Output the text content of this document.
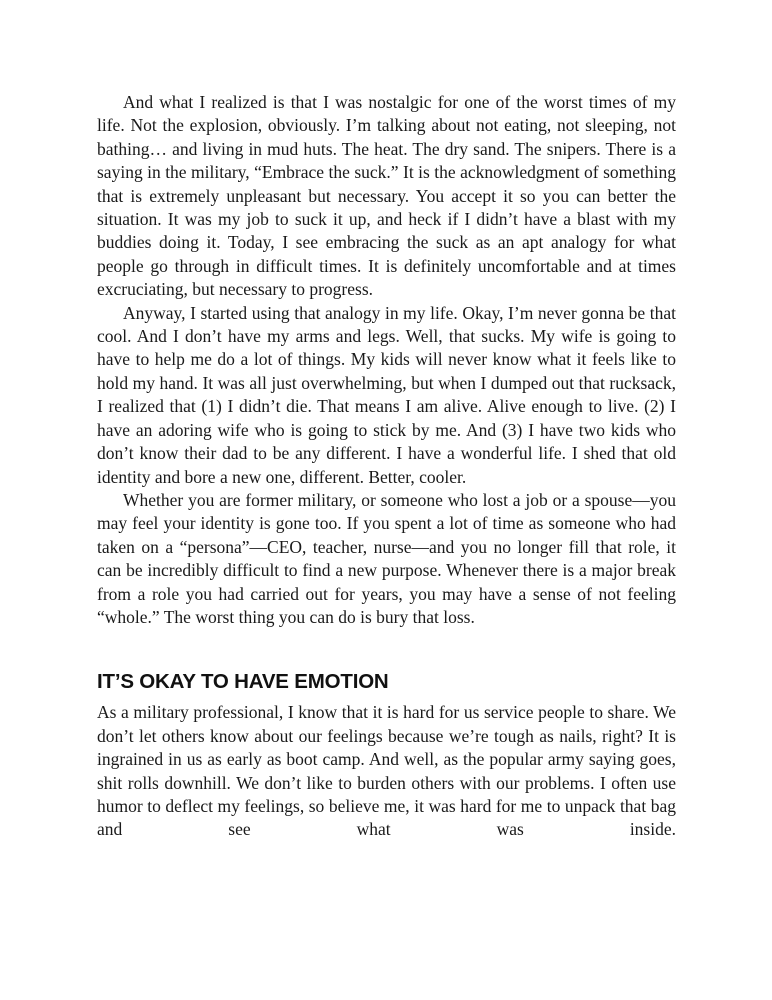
And what I realized is that I was nostalgic for one of the worst times of my life. Not the explosion, obviously. I’m talking about not eating, not sleeping, not bathing… and living in mud huts. The heat. The dry sand. The snipers. There is a saying in the military, “Embrace the suck.” It is the acknowledgment of something that is extremely unpleasant but necessary. You accept it so you can better the situation. It was my job to suck it up, and heck if I didn’t have a blast with my buddies doing it. Today, I see embracing the suck as an apt analogy for what people go through in difficult times. It is definitely uncomfortable and at times excruciating, but necessary to progress.

Anyway, I started using that analogy in my life. Okay, I’m never gonna be that cool. And I don’t have my arms and legs. Well, that sucks. My wife is going to have to help me do a lot of things. My kids will never know what it feels like to hold my hand. It was all just overwhelming, but when I dumped out that rucksack, I realized that (1) I didn’t die. That means I am alive. Alive enough to live. (2) I have an adoring wife who is going to stick by me. And (3) I have two kids who don’t know their dad to be any different. I have a wonderful life. I shed that old identity and bore a new one, different. Better, cooler.

Whether you are former military, or someone who lost a job or a spouse—you may feel your identity is gone too. If you spent a lot of time as someone who had taken on a “persona”—CEO, teacher, nurse—and you no longer fill that role, it can be incredibly difficult to find a new purpose. Whenever there is a major break from a role you had carried out for years, you may have a sense of not feeling “whole.” The worst thing you can do is bury that loss.

IT’S OKAY TO HAVE EMOTION

As a military professional, I know that it is hard for us service people to share. We don’t let others know about our feelings because we’re tough as nails, right? It is ingrained in us as early as boot camp. And well, as the popular army saying goes, shit rolls downhill. We don’t like to burden others with our problems. I often use humor to deflect my feelings, so believe me, it was hard for me to unpack that bag and see what was inside.
